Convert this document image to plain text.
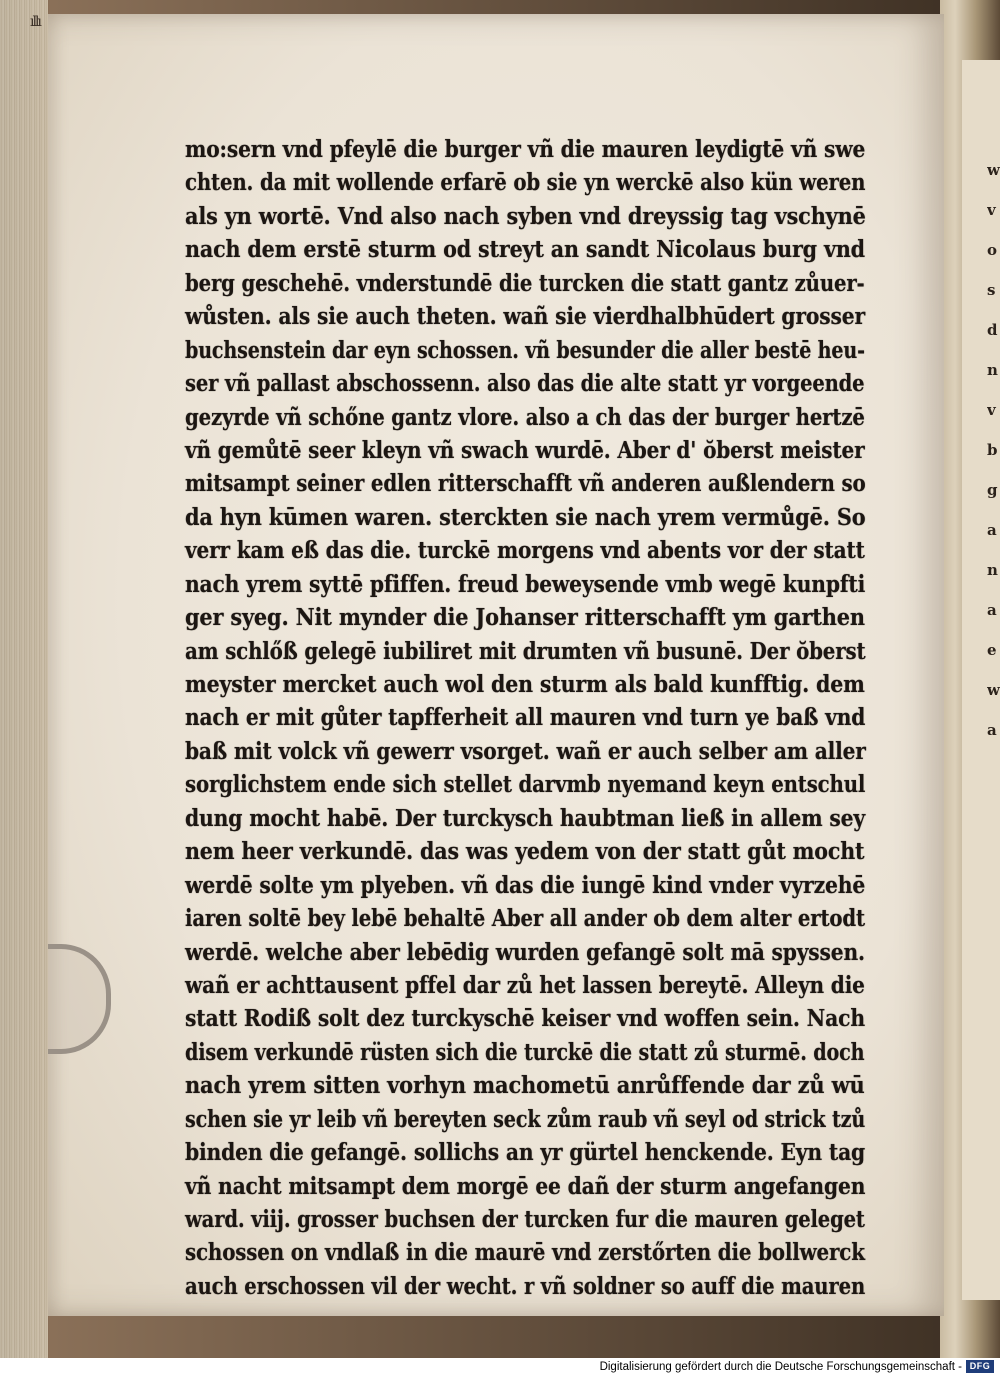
ıllı
mo:sern vnd pfeylē die burger vñ die mauren leydigtē vñ swe
chten. da mit wollende erfarē ob sie yn werckē also kün weren
als yn wortē. Vnd also nach syben vnd dreyssig tag vschynē
nach dem erstē sturm od streyt an sandt Nicolaus burg vnd
berg geschehē. vnderstundē die turcken die statt gantz zůuer-
wůsten. als sie auch theten. wañ sie vierdhalbhūdert grosser
buchsenstein dar eyn schossen. vñ besunder die aller bestē heu-
ser vñ pallast abschossenn. also das die alte statt yr vorgeende
gezyrde vñ schőne gantz vlore. also a ch das der burger hertzē
vñ gemůtē seer kleyn vñ swach wurdē. Aber d' ŏberst meister
mitsampt seiner edlen ritterschafft vñ anderen außlendern so
da hyn kūmen waren. sterckten sie nach yrem vermůgē. So
verr kam eß das die. turckē morgens vnd abents vor der statt
nach yrem syttē pfiffen. freud beweysende vmb wegē kunpfti
ger syeg. Nit mynder die Johanser ritterschafft ym garthen
am schlőß gelegē iubiliret mit drumten vñ busunē. Der ŏberst
meyster mercket auch wol den sturm als bald kunfftig. dem
nach er mit gůter tapfferheit all mauren vnd turn ye baß vnd
baß mit volck vñ gewerr vsorget. wañ er auch selber am aller
sorglichstem ende sich stellet darvmb nyemand keyn entschul
dung mocht habē. Der turckysch haubtman ließ in allem sey
nem heer verkundē. das was yedem von der statt gůt mocht
werdē solte ym plyeben. vñ das die iungē kind vnder vyrzehē
iaren soltē bey lebē behaltē Aber all ander ob dem alter ertodt
werdē. welche aber lebēdig wurden gefangē solt mā spyssen.
wañ er achttausent pffel dar zů het lassen bereytē. Alleyn die
statt Rodiß solt dez turckyschē keiser vnd woffen sein. Nach
disem verkundē rüsten sich die turckē die statt zů sturmē. doch
nach yrem sitten vorhyn machometū anrůffende dar zů wū
schen sie yr leib vñ bereyten seck zům raub vñ seyl od strick tzů
binden die gefangē. sollichs an yr gürtel henckende. Eyn tag
vñ nacht mitsampt dem morgē ee dañ der sturm angefangen
ward. viij. grosser buchsen der turcken fur die mauren geleget
schossen on vndlaß in die maurē vnd zerstőrten die bollwerck
auch erschossen vil der wecht. r vñ soldner so auff die mauren
w
v
o
s
d
n
v
b
g
a
n
a
e
w
a
Digitalisierung gefördert durch die Deutsche Forschungsgemeinschaft - DFG
